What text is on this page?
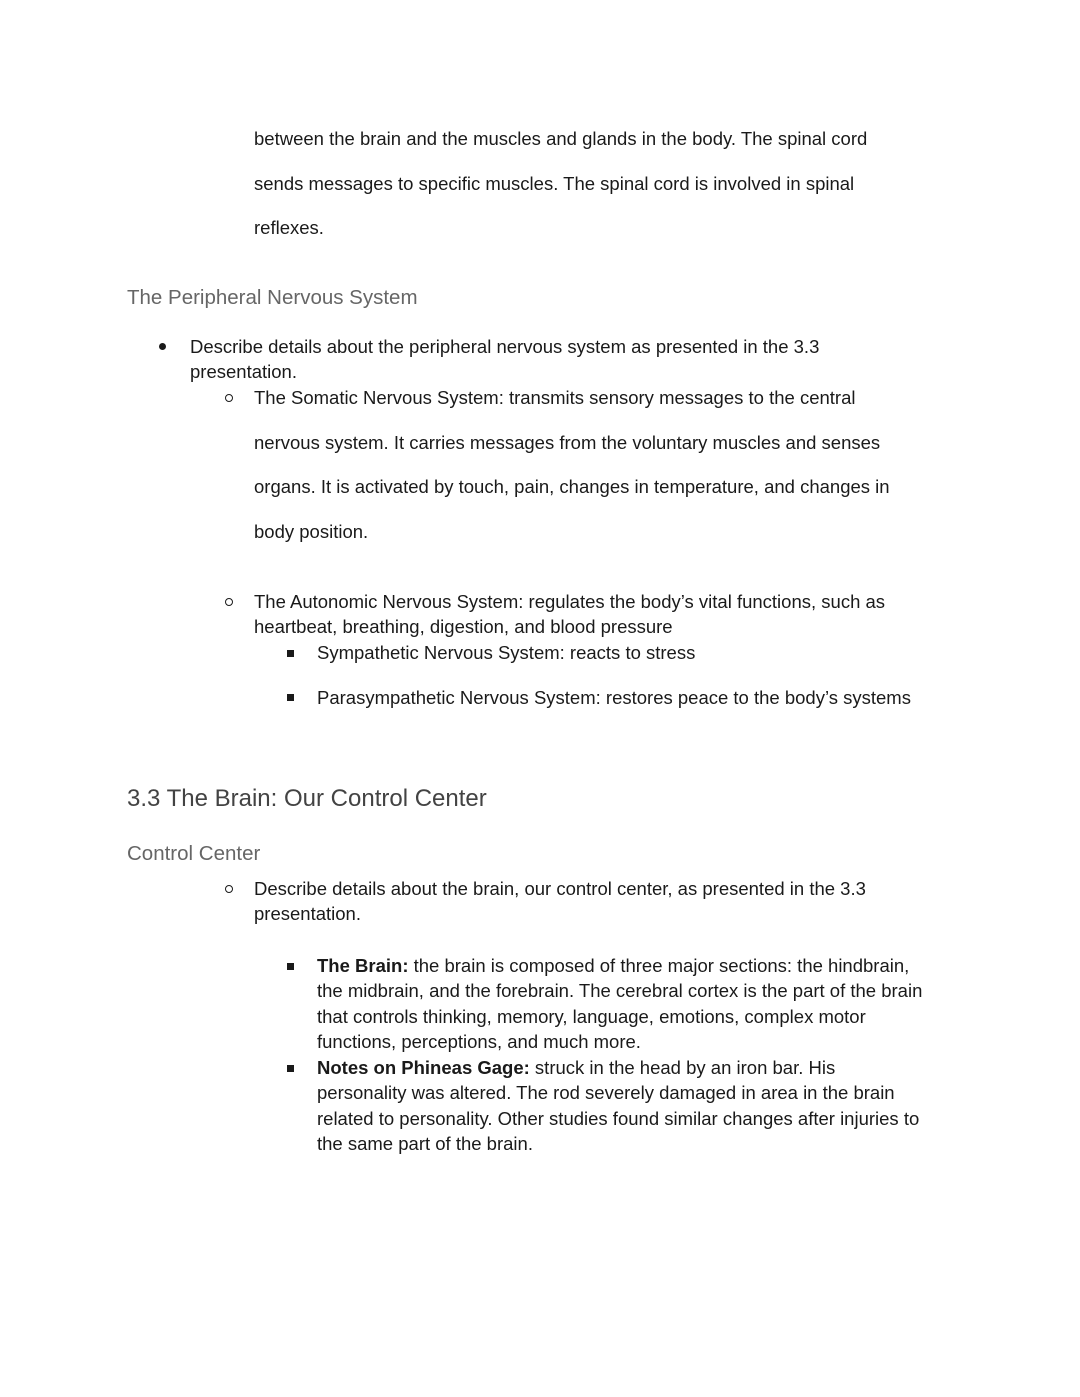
between the brain and the muscles and glands in the body. The spinal cord
sends messages to specific muscles. The spinal cord is involved in spinal
reflexes.
The Peripheral Nervous System
Describe details about the peripheral nervous system as presented in the 3.3
presentation.
The Somatic Nervous System: transmits sensory messages to the central
nervous system. It carries messages from the voluntary muscles and senses
organs. It is activated by touch, pain, changes in temperature, and changes in
body position.
The Autonomic Nervous System: regulates the body’s vital functions, such as
heartbeat, breathing, digestion, and blood pressure
Sympathetic Nervous System: reacts to stress
Parasympathetic Nervous System: restores peace to the body’s systems
3.3 The Brain: Our Control Center
Control Center
Describe details about the brain, our control center, as presented in the 3.3
presentation.
The Brain: the brain is composed of three major sections: the hindbrain,
the midbrain, and the forebrain. The cerebral cortex is the part of the brain
that controls thinking, memory, language, emotions, complex motor
functions, perceptions, and much more.
Notes on Phineas Gage: struck in the head by an iron bar. His
personality was altered. The rod severely damaged in area in the brain
related to personality. Other studies found similar changes after injuries to
the same part of the brain.
